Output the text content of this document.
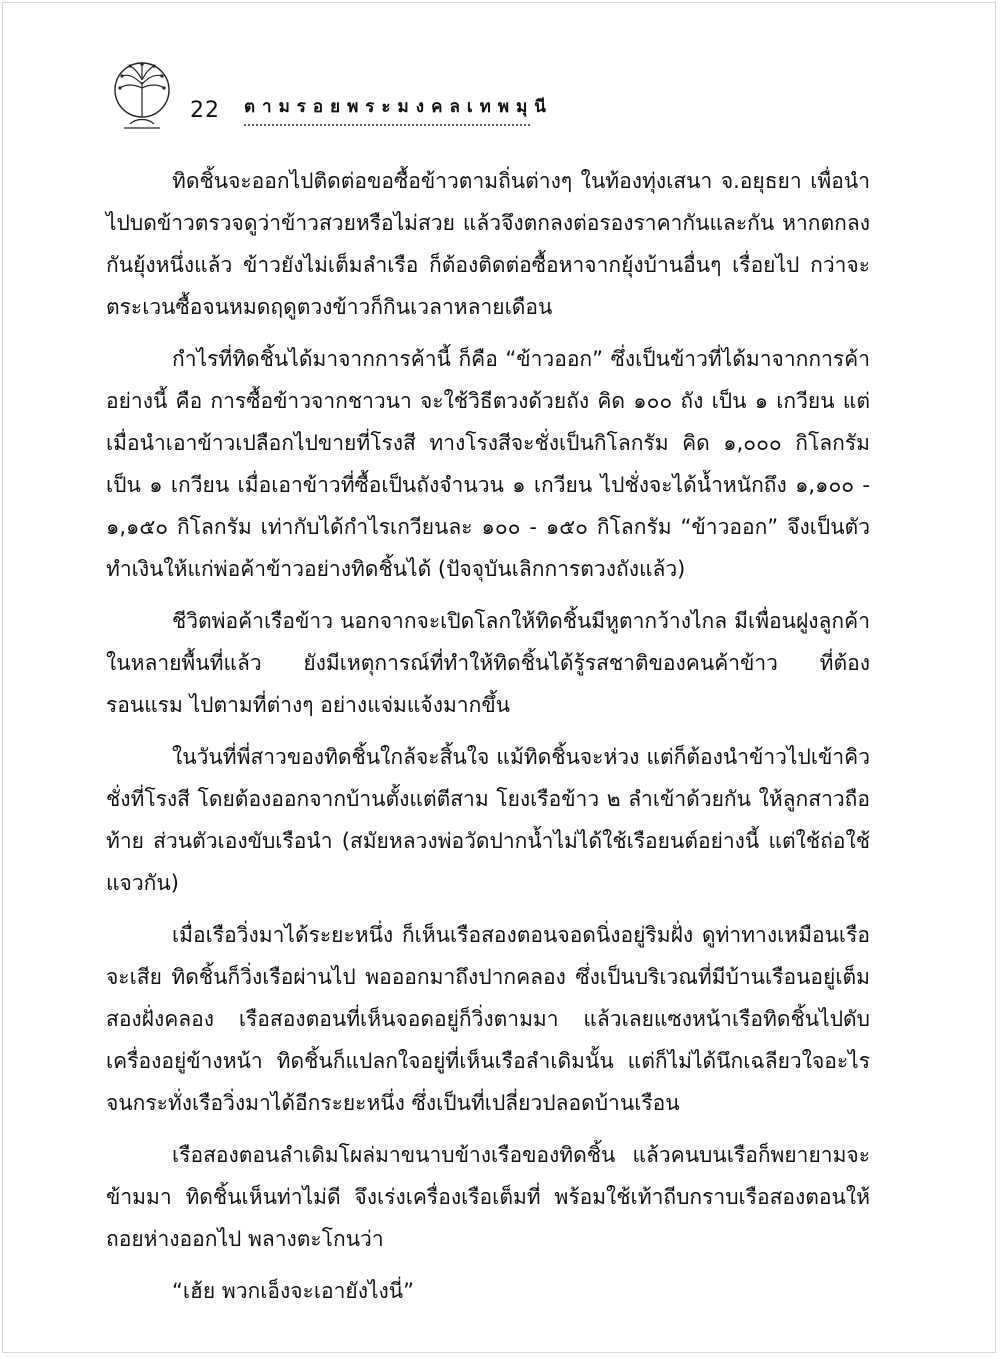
22 ตามรอยพระมงคลเทพมุนี

ทิดชิ้นจะออกไปติดต่อขอซื้อข้าวตามถิ่นต่างๆ ในท้องทุ่งเสนา จ.อยุธยา เพื่อนำไปบดข้าวตรวจดูว่าข้าวสวยหรือไม่สวย แล้วจึงตกลงต่อรองราคากันและกัน หากตกลงกันยุ้งหนึ่งแล้ว ข้าวยังไม่เต็มลำเรือ ก็ต้องติดต่อซื้อหาจากยุ้งบ้านอื่นๆ เรื่อยไป กว่าจะตระเวนซื้อจนหมดฤดูตวงข้าวก็กินเวลาหลายเดือน

กำไรที่ทิดชิ้นได้มาจากการค้านี้ ก็คือ “ข้าวออก” ซึ่งเป็นข้าวที่ได้มาจากการค้าอย่างนี้ คือ การซื้อข้าวจากชาวนา จะใช้วิธีตวงด้วยถัง คิด ๑๐๐ ถัง เป็น ๑ เกวียน แต่เมื่อนำเอาข้าวเปลือกไปขายที่โรงสี ทางโรงสีจะชั่งเป็นกิโลกรัม คิด ๑,๐๐๐ กิโลกรัม เป็น ๑ เกวียน เมื่อเอาข้าวที่ซื้อเป็นถังจำนวน ๑ เกวียน ไปชั่งจะได้น้ำหนักถึง ๑,๑๐๐ - ๑,๑๕๐ กิโลกรัม เท่ากับได้กำไรเกวียนละ ๑๐๐ - ๑๕๐ กิโลกรัม “ข้าวออก” จึงเป็นตัวทำเงินให้แก่พ่อค้าข้าวอย่างทิดชิ้นได้ (ปัจจุบันเลิกการตวงถังแล้ว)

ชีวิตพ่อค้าเรือข้าว นอกจากจะเปิดโลกให้ทิดชิ้นมีหูตากว้างไกล มีเพื่อนฝูงลูกค้าในหลายพื้นที่แล้ว ยังมีเหตุการณ์ที่ทำให้ทิดชิ้นได้รู้รสชาติของคนค้าข้าว ที่ต้องรอนแรม ไปตามที่ต่างๆ อย่างแจ่มแจ้งมากขึ้น

ในวันที่พี่สาวของทิดชิ้นใกล้จะสิ้นใจ แม้ทิดชิ้นจะห่วง แต่ก็ต้องนำข้าวไปเข้าคิวชั่งที่โรงสี โดยต้องออกจากบ้านตั้งแต่ตีสาม โยงเรือข้าว ๒ ลำเข้าด้วยกัน ให้ลูกสาวถือท้าย ส่วนตัวเองขับเรือนำ (สมัยหลวงพ่อวัดปากน้ำไม่ได้ใช้เรือยนต์อย่างนี้ แต่ใช้ถ่อใช้แจวกัน)

เมื่อเรือวิ่งมาได้ระยะหนึ่ง ก็เห็นเรือสองตอนจอดนิ่งอยู่ริมฝั่ง ดูท่าทางเหมือนเรือจะเสีย ทิดชิ้นก็วิ่งเรือผ่านไป พอออกมาถึงปากคลอง ซึ่งเป็นบริเวณที่มีบ้านเรือนอยู่เต็มสองฝั่งคลอง เรือสองตอนที่เห็นจอดอยู่ก็วิ่งตามมา แล้วเลยแซงหน้าเรือทิดชิ้นไปดับเครื่องอยู่ข้างหน้า ทิดชิ้นก็แปลกใจอยู่ที่เห็นเรือลำเดิมนั้น แต่ก็ไม่ได้นึกเฉลียวใจอะไร จนกระทั่งเรือวิ่งมาได้อีกระยะหนึ่ง ซึ่งเป็นที่เปลี่ยวปลอดบ้านเรือน

เรือสองตอนลำเดิมโผล่มาขนาบข้างเรือของทิดชิ้น แล้วคนบนเรือก็พยายามจะข้ามมา ทิดชิ้นเห็นท่าไม่ดี จึงเร่งเครื่องเรือเต็มที่ พร้อมใช้เท้าถีบกราบเรือสองตอนให้ถอยห่างออกไป พลางตะโกนว่า

“เฮ้ย พวกเอ็งจะเอายังไงนี่”
